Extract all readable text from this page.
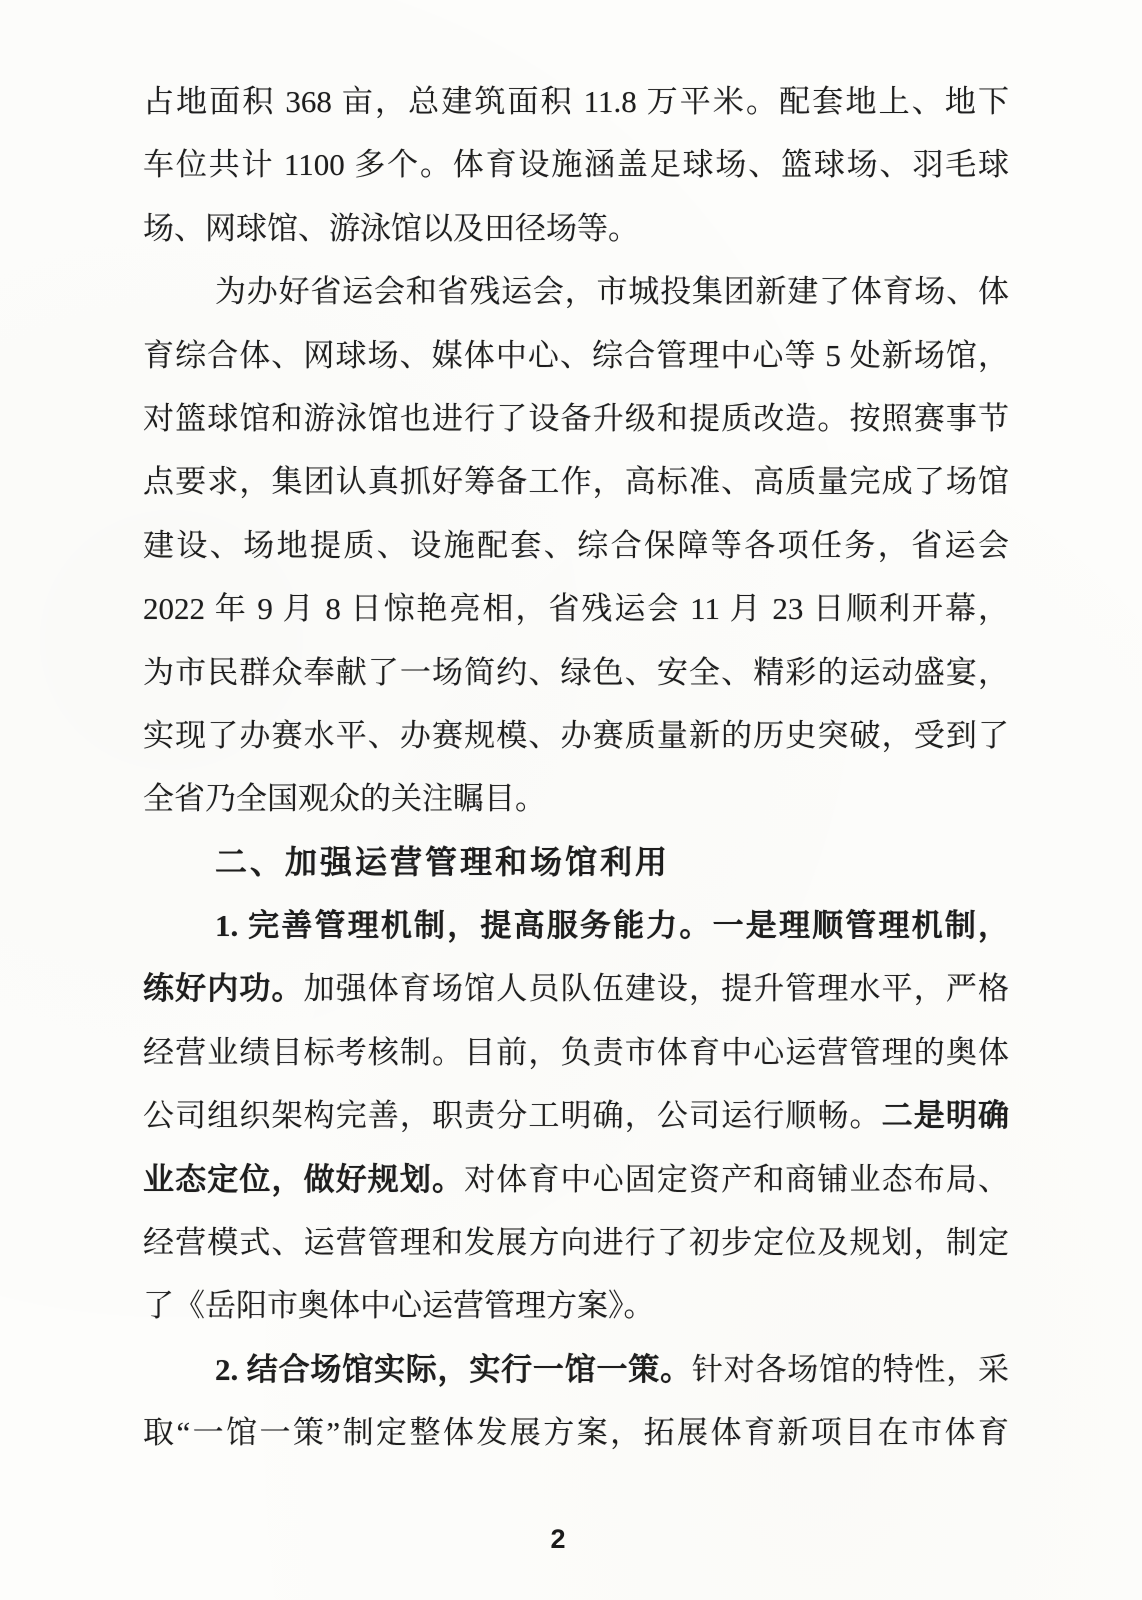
占地面积 368 亩，总建筑面积 11.8 万平米。配套地上、地下
车位共计 1100 多个。体育设施涵盖足球场、篮球场、羽毛球
场、网球馆、游泳馆以及田径场等。
为办好省运会和省残运会，市城投集团新建了体育场、体
育综合体、网球场、媒体中心、综合管理中心等 5 处新场馆，
对篮球馆和游泳馆也进行了设备升级和提质改造。按照赛事节
点要求，集团认真抓好筹备工作，高标准、高质量完成了场馆
建设、场地提质、设施配套、综合保障等各项任务，省运会
2022 年 9 月 8 日惊艳亮相，省残运会 11 月 23 日顺利开幕，
为市民群众奉献了一场简约、绿色、安全、精彩的运动盛宴，
实现了办赛水平、办赛规模、办赛质量新的历史突破，受到了
全省乃全国观众的关注瞩目。
二、加强运营管理和场馆利用
1. 完善管理机制，提高服务能力。一是理顺管理机制，
练好内功。加强体育场馆人员队伍建设，提升管理水平，严格
经营业绩目标考核制。目前，负责市体育中心运营管理的奥体
公司组织架构完善，职责分工明确，公司运行顺畅。二是明确
业态定位，做好规划。对体育中心固定资产和商铺业态布局、
经营模式、运营管理和发展方向进行了初步定位及规划，制定
了《岳阳市奥体中心运营管理方案》。
2. 结合场馆实际，实行一馆一策。针对各场馆的特性，采
取“一馆一策”制定整体发展方案，拓展体育新项目在市体育
2
